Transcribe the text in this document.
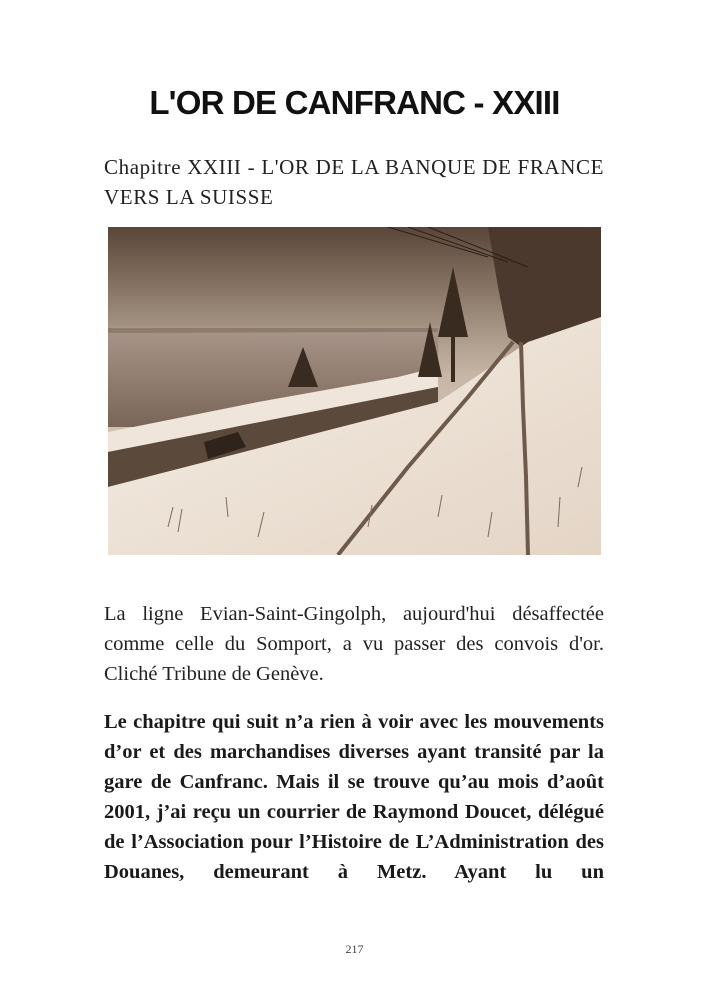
L'OR DE CANFRANC - XXIII
Chapitre XXIII - L'OR DE LA BANQUE DE FRANCE VERS LA SUISSE
La ligne Evian-Saint-Gingolph, aujourd'hui désaffectée comme celle du Somport, a vu passer des convois d'or. Cliché Tribune de Genève.
Le chapitre qui suit n’a rien à voir avec les mouvements d’or et des marchandises diverses ayant transité par la gare de Canfranc. Mais il se trouve qu’au mois d’août 2001, j’ai reçu un courrier de Raymond Doucet, délégué de l’Association pour l’Histoire de L’Administration des Douanes, demeurant à Metz. Ayant lu un
217
